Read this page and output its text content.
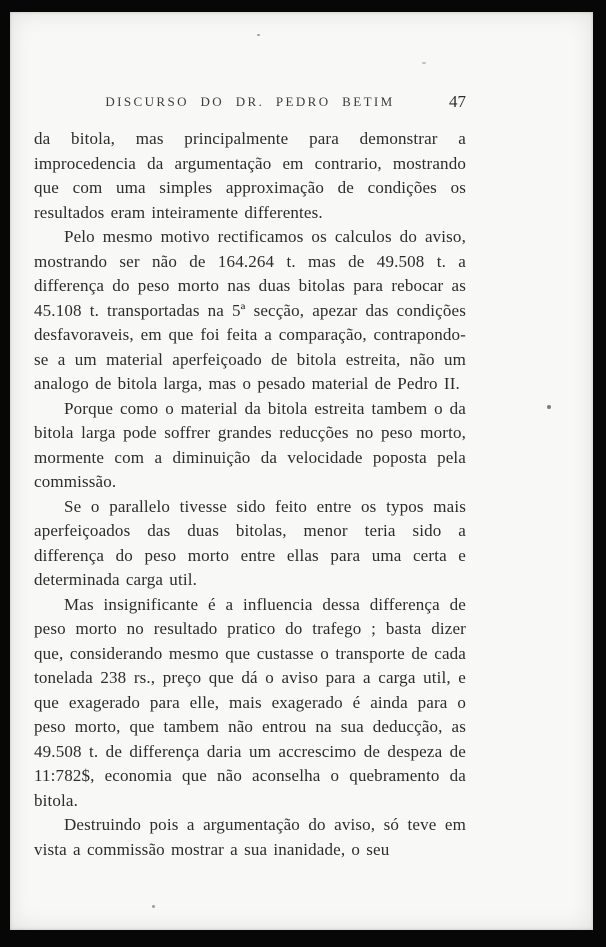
DISCURSO DO DR. PEDRO BETIM	47

da bitola, mas principalmente para demonstrar a improcedencia da argumentação em contrario, mostrando que com uma simples approximação de condições os resultados eram inteiramente differentes.

Pelo mesmo motivo rectificamos os calculos do aviso, mostrando ser não de 164.264 t. mas de 49.508 t. a differença do peso morto nas duas bitolas para rebocar as 45.108 t. transportadas na 5ª secção, apezar das condições desfavoraveis, em que foi feita a comparação, contrapondo-se a um material aperfeiçoado de bitola estreita, não um analogo de bitola larga, mas o pesado material de Pedro II.

Porque como o material da bitola estreita tambem o da bitola larga pode soffrer grandes reducções no peso morto, mormente com a diminuição da velocidade poposta pela commissão.

Se o parallelo tivesse sido feito entre os typos mais aperfeiçoados das duas bitolas, menor teria sido a differença do peso morto entre ellas para uma certa e determinada carga util.

Mas insignificante é a influencia dessa differença de peso morto no resultado pratico do trafego ; basta dizer que, considerando mesmo que custasse o transporte de cada tonelada 238 rs., preço que dá o aviso para a carga util, e que exagerado para elle, mais exagerado é ainda para o peso morto, que tambem não entrou na sua deducção, as 49.508 t. de differença daria um accrescimo de despeza de 11:782$, economia que não aconselha o quebramento da bitola.

Destruindo pois a argumentação do aviso, só teve em vista a commissão mostrar a sua inanidade, o seu
